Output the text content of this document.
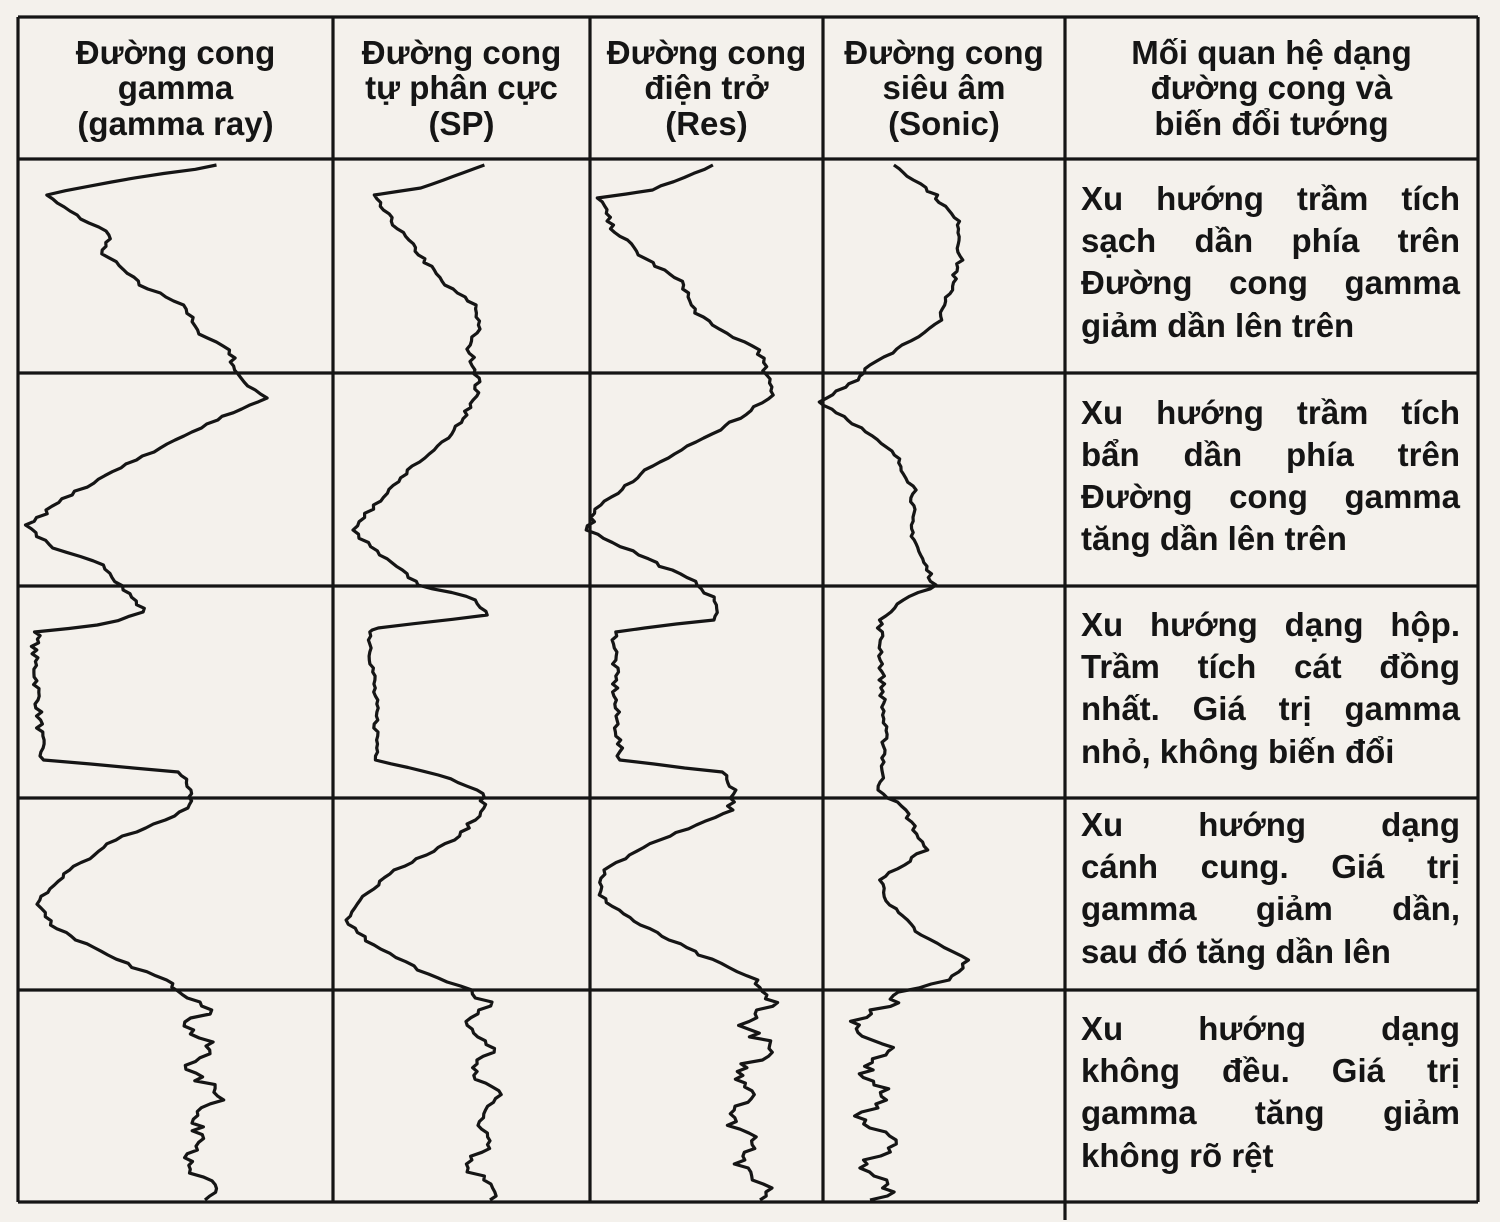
Đường cong
gamma
(gamma ray)
Đường cong
tự phân cực
(SP)
Đường cong
điện trở
(Res)
Đường cong
siêu âm
(Sonic)
Mối quan hệ dạng
đường cong và
biến đổi tướng
Xu hướng trầm tích
sạch dần phía trên
Đường cong gamma
giảm dần lên trên
Xu hướng trầm tích
bẩn dần phía trên
Đường cong gamma
tăng dần lên trên
Xu hướng dạng hộp.
Trầm tích cát đồng
nhất. Giá trị gamma
nhỏ, không biến đổi
Xu hướng dạng
cánh cung. Giá trị
gamma giảm dần,
sau đó tăng dần lên
Xu hướng dạng
không đều. Giá trị
gamma tăng giảm
không rõ rệt
